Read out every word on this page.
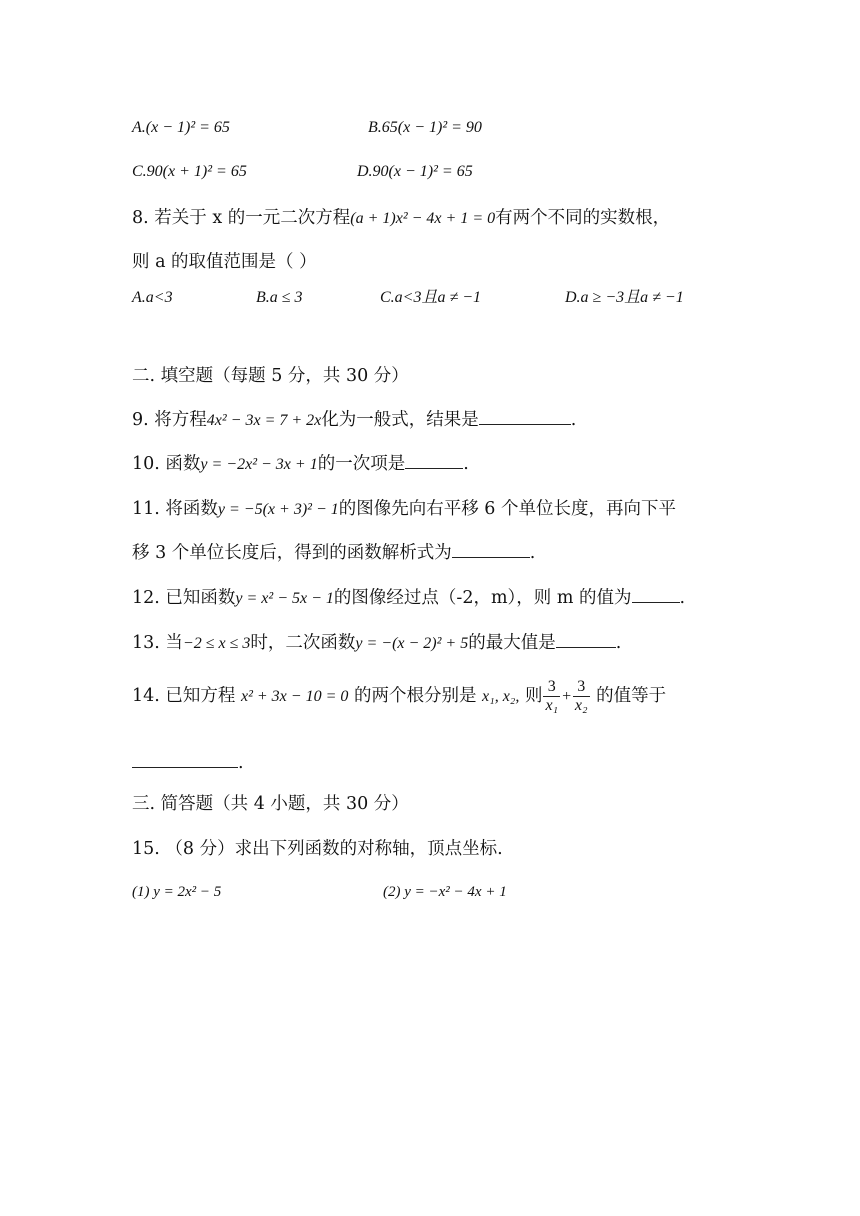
A.(x − 1)² = 65	B.65(x − 1)² = 90
C.90(x + 1)² = 65	D.90(x − 1)² = 65
8. 若关于 x 的一元二次方程(a + 1)x² − 4x + 1 = 0有两个不同的实数根，
则 a 的取值范围是（ ）
A.a<3	B.a ≤ 3	C.a<3且a ≠ −1	D.a ≥ −3且a ≠ −1
二. 填空题（每题 5 分，共 30 分）
9. 将方程4x² − 3x = 7 + 2x化为一般式，结果是	.
10. 函数y = −2x² − 3x + 1的一次项是	.
11. 将函数y = −5(x + 3)² − 1的图像先向右平移 6 个单位长度，再向下平
移 3 个单位长度后，得到的函数解析式为	.
12. 已知函数y = x² − 5x − 1的图像经过点（-2，m），则 m 的值为	.
13. 当−2 ≤ x ≤ 3时，二次函数y = −(x − 2)² + 5的最大值是	.
14. 已知方程 x² + 3x − 10 = 0 的两个根分别是 x₁, x₂, 则 $\frac{3}{\text{x₁}} + \frac{3}{\text{x₂}}$ 的值等于
.
三. 简答题（共 4 小题，共 30 分）
15. （8 分）求出下列函数的对称轴，顶点坐标.
(1) y = 2x² − 5	(2) y = −x² − 4x + 1
